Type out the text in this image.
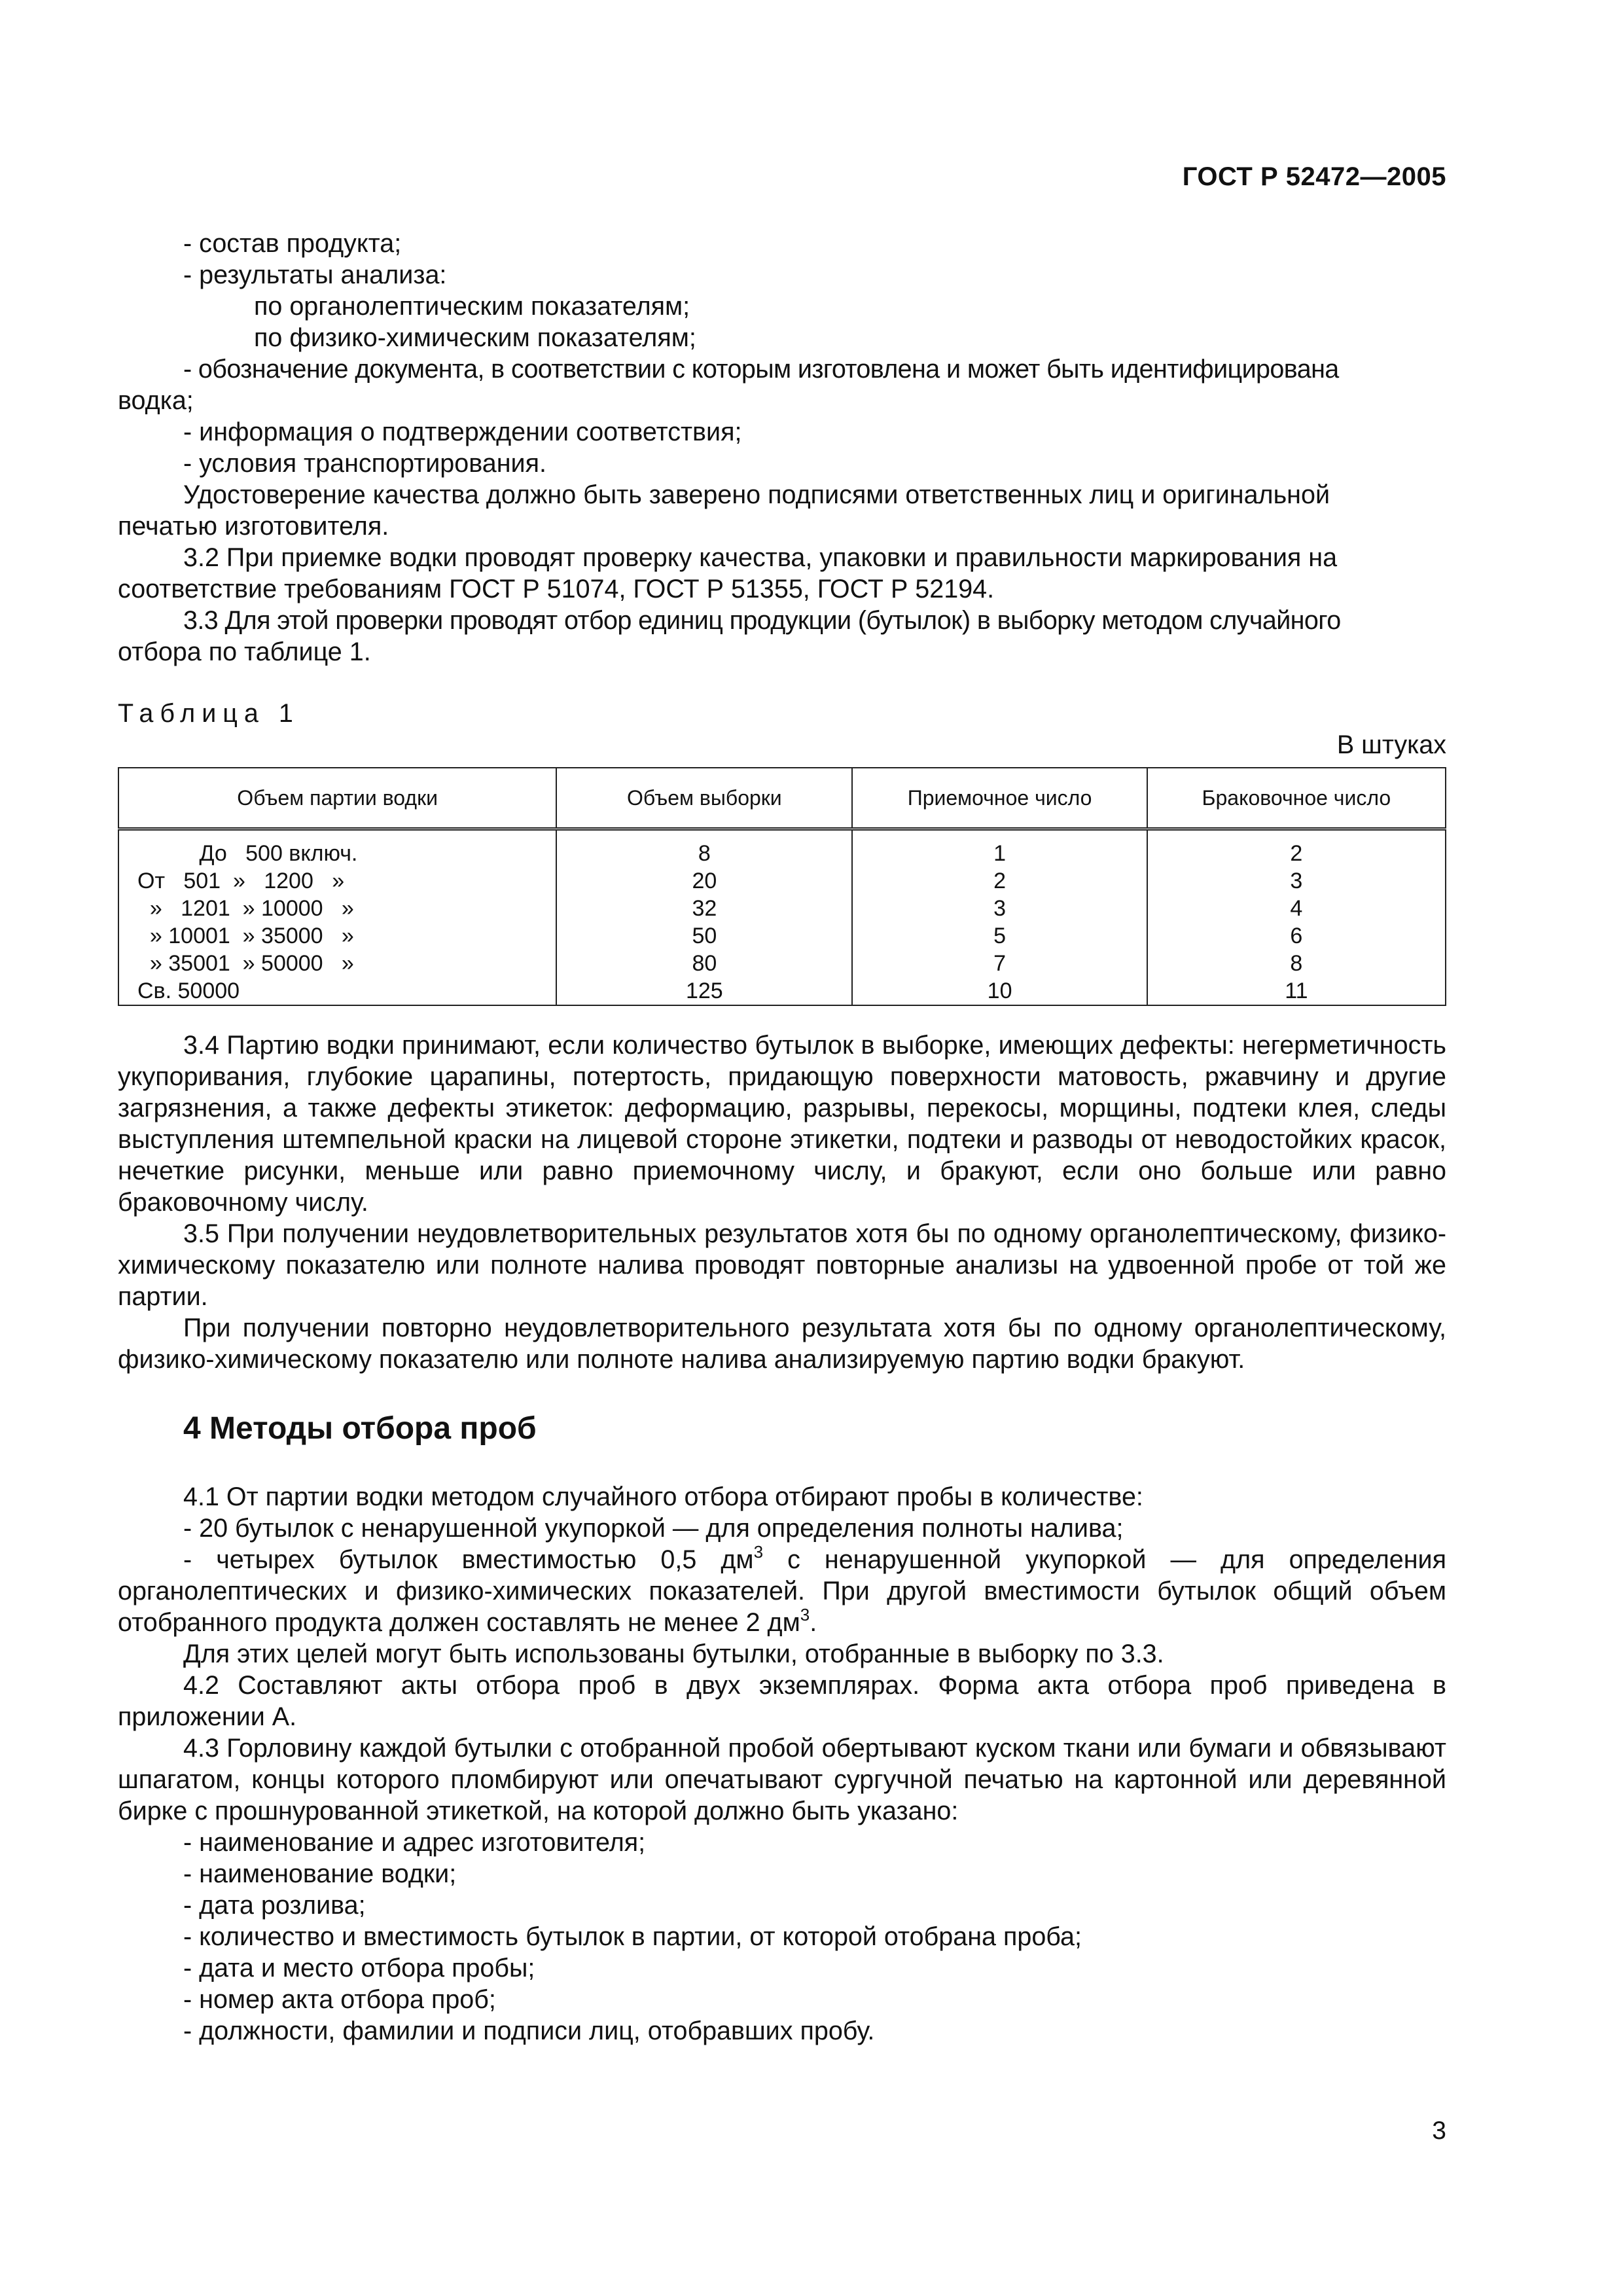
ГОСТ Р 52472—2005

- состав продукта;

- результаты анализа:

по органолептическим показателям;

по физико-химическим показателям;

- обозначение документа, в соответствии с которым изготовлена и может быть идентифицирована

водка;

- информация о подтверждении соответствия;

- условия транспортирования.

Удостоверение качества должно быть заверено подписями ответственных лиц и оригинальной

печатью изготовителя.

3.2 При приемке водки проводят проверку качества, упаковки и правильности маркирования на

соответствие требованиям ГОСТ Р 51074, ГОСТ Р 51355, ГОСТ Р 52194.

3.3 Для этой проверки проводят отбор единиц продукции (бутылок) в выборку методом случайного

отбора по таблице 1.

Таблица 1

В штуках

Объем партии водки	Объем выборки	Приемочное число	Браковочное число
До   500 включ.	8	1	2
От   501  »   1200   »	20	2	3
»   1201  » 10000   »	32	3	4
» 10001  » 35000   »	50	5	6
» 35001  » 50000   »	80	7	8
Св. 50000	125	10	11

3.4 Партию водки принимают, если количество бутылок в выборке, имеющих дефекты: негерметичность укупоривания, глубокие царапины, потертость, придающую поверхности матовость, ржавчину и другие загрязнения, а также дефекты этикеток: деформацию, разрывы, перекосы, морщины, подтеки клея, следы выступления штемпельной краски на лицевой стороне этикетки, подтеки и разводы от неводостойких красок, нечеткие рисунки, меньше или равно приемочному числу, и бракуют, если оно больше или равно браковочному числу.

3.5 При получении неудовлетворительных результатов хотя бы по одному органолептическому, физико-химическому показателю или полноте налива проводят повторные анализы на удвоенной пробе от той же партии.

При получении повторно неудовлетворительного результата хотя бы по одному органолептическому, физико-химическому показателю или полноте налива анализируемую партию водки бракуют.

4 Методы отбора проб

4.1 От партии водки методом случайного отбора отбирают пробы в количестве:

- 20 бутылок с ненарушенной укупоркой — для определения полноты налива;

- четырех бутылок вместимостью 0,5 $дм^3$ с ненарушенной укупоркой — для определения органолептических и физико-химических показателей. При другой вместимости бутылок общий объем отобранного продукта должен составлять не менее 2 $дм^3$.

Для этих целей могут быть использованы бутылки, отобранные в выборку по 3.3.

4.2 Составляют акты отбора проб в двух экземплярах. Форма акта отбора проб приведена в приложении А.

4.3 Горловину каждой бутылки с отобранной пробой обертывают куском ткани или бумаги и обвязывают шпагатом, концы которого пломбируют или опечатывают сургучной печатью на картонной или деревянной бирке с прошнурованной этикеткой, на которой должно быть указано:

- наименование и адрес изготовителя;

- наименование водки;

- дата розлива;

- количество и вместимость бутылок в партии, от которой отобрана проба;

- дата и место отбора пробы;

- номер акта отбора проб;

- должности, фамилии и подписи лиц, отобравших пробу.

3
